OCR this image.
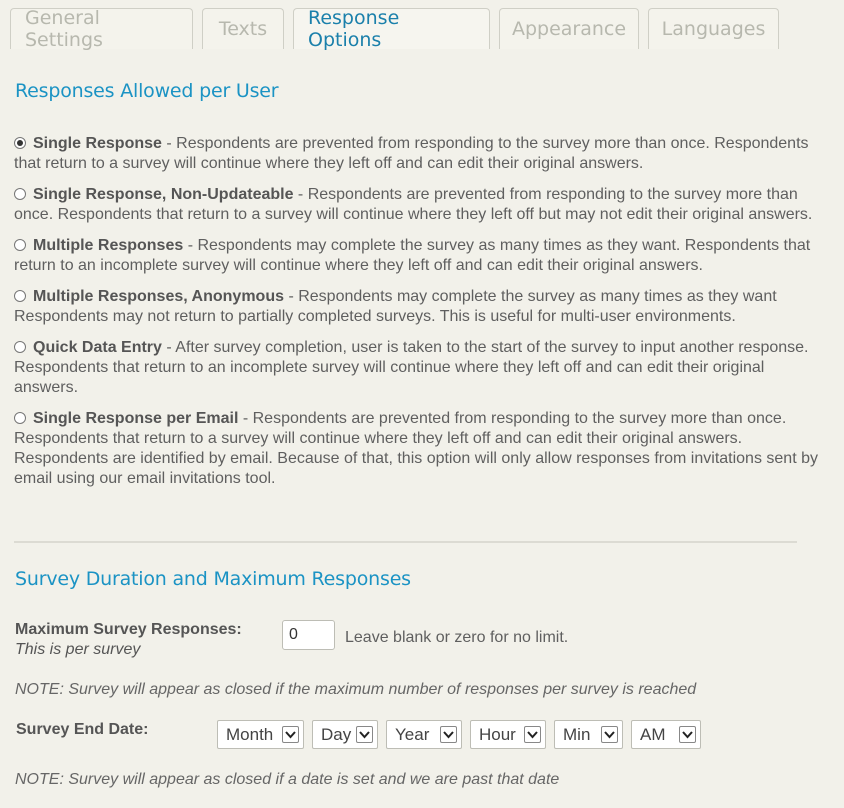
General Settings	Texts	Response Options	Appearance	Languages
Responses Allowed per User
Single Response - Respondents are prevented from responding to the survey more than once. Respondents that return to a survey will continue where they left off and can edit their original answers.
Single Response, Non-Updateable - Respondents are prevented from responding to the survey more than once. Respondents that return to a survey will continue where they left off but may not edit their original answers.
Multiple Responses - Respondents may complete the survey as many times as they want. Respondents that return to an incomplete survey will continue where they left off and can edit their original answers.
Multiple Responses, Anonymous - Respondents may complete the survey as many times as they want Respondents may not return to partially completed surveys. This is useful for multi-user environments.
Quick Data Entry - After survey completion, user is taken to the start of the survey to input another response. Respondents that return to an incomplete survey will continue where they left off and can edit their original answers.
Single Response per Email - Respondents are prevented from responding to the survey more than once. Respondents that return to a survey will continue where they left off and can edit their original answers. Respondents are identified by email. Because of that, this option will only allow responses from invitations sent by email using our email invitations tool.
Survey Duration and Maximum Responses
Maximum Survey Responses:
This is per survey
0
Leave blank or zero for no limit.
NOTE: Survey will appear as closed if the maximum number of responses per survey is reached
Survey End Date:	Month	Day	Year	Hour	Min	AM
NOTE: Survey will appear as closed if a date is set and we are past that date
